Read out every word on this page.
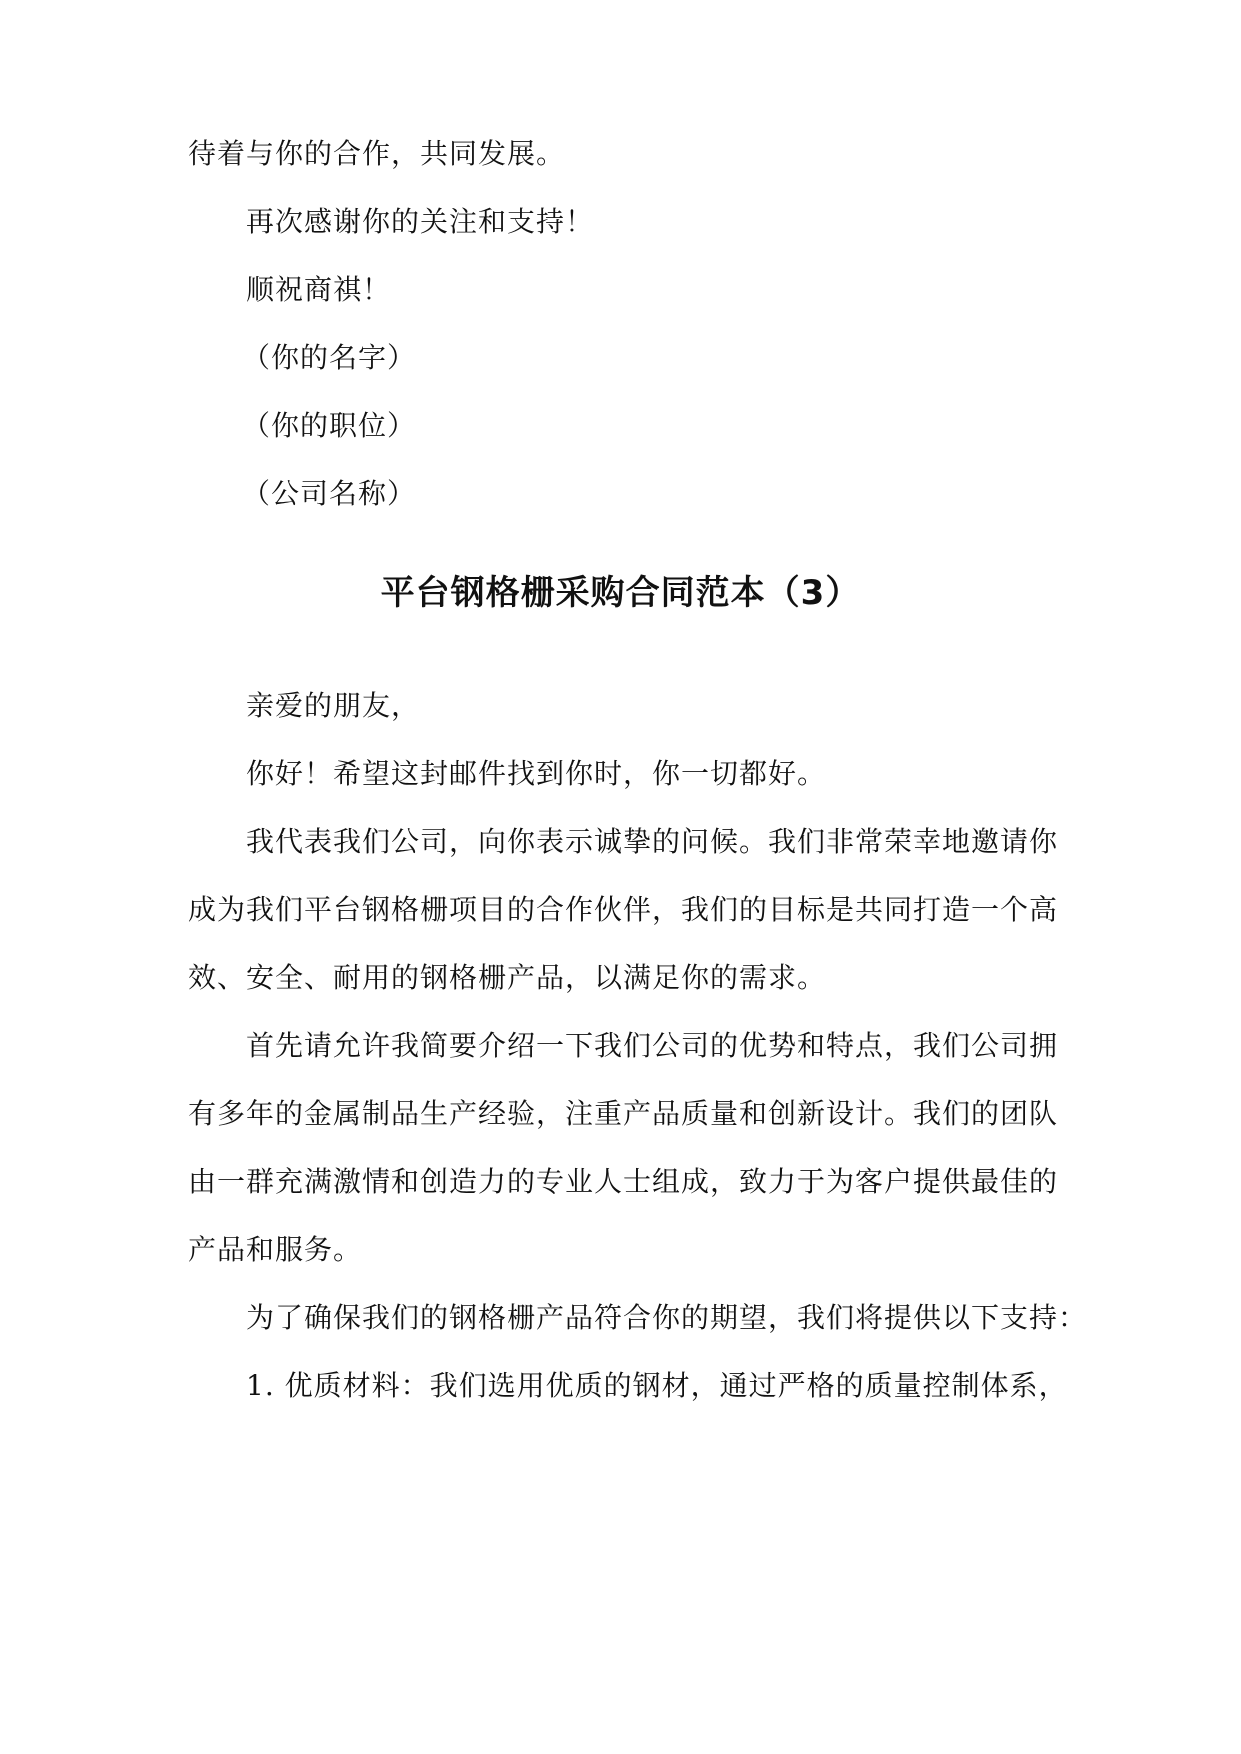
待着与你的合作，共同发展。
再次感谢你的关注和支持！
顺祝商祺！
（你的名字）
（你的职位）
（公司名称）
平台钢格栅采购合同范本（3）
亲爱的朋友，
你好！希望这封邮件找到你时，你一切都好。
我代表我们公司，向你表示诚挚的问候。我们非常荣幸地邀请你
成为我们平台钢格栅项目的合作伙伴，我们的目标是共同打造一个高
效、安全、耐用的钢格栅产品，以满足你的需求。
首先请允许我简要介绍一下我们公司的优势和特点，我们公司拥
有多年的金属制品生产经验，注重产品质量和创新设计。我们的团队
由一群充满激情和创造力的专业人士组成，致力于为客户提供最佳的
产品和服务。
为了确保我们的钢格栅产品符合你的期望，我们将提供以下支持：
1. 优质材料：我们选用优质的钢材，通过严格的质量控制体系，
